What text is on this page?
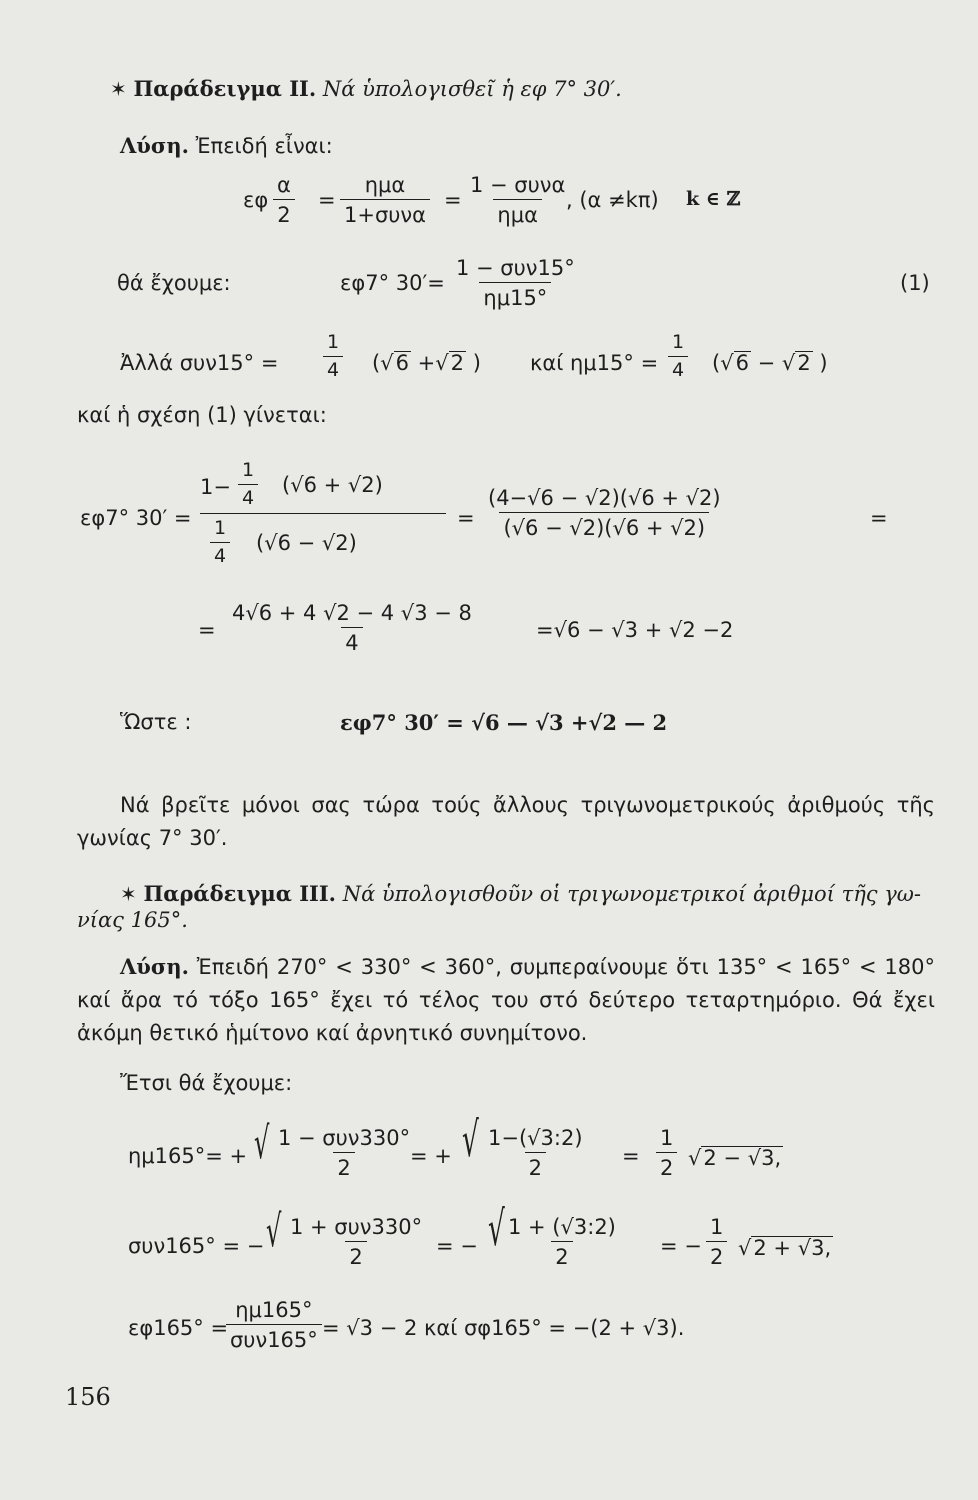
✶ Παράδειγμα II. Νά ὑπολογισθεῖ ἡ εφ 7° 30′.
Λύση. Ἐπειδή εἶναι:
εφ $\frac{\alpha}{2}$ =
ημα
1+συνα
=
1 − συνα
ημα
, (α ≠kπ) k ∈ ℤ
θά ἔχουμε:	εφ7° 30′=
1 − συν15°
ημ15°
(1)
Ἀλλά $\sigma\upsilon\nu 15^\circ = \frac{1}{4} (√6 +√2$ ) καί $\eta\mu 15^\circ = \frac{1}{4} (√6 - √2$ )
καί ἡ σχέση (1) γίνεται:
εφ7° 30′ =
$1- \frac{1}{4} (√6 + √2)$
$\frac{1}{4} (√6 - √2)$
= $\frac{(4-√6 - √2)(√6 + √2)}{(√6 - √2)(√6 + √2)}$	=
= $\frac{4√6 + 4 √2 - 4 √3 - 8}{4}$	=√6 − √3 + √2 −2
Ὥστε :	εφ7° 30′ = √6 — √3 +√2 — 2
Νά βρεῖτε μόνοι σας τώρα τούς ἄλλους τριγωνομετρικούς ἀριθμούς τῆς γωνίας 7° 30′.
✶ Παράδειγμα III. Νά ὑπολογισθοῦν οἱ τριγωνομετρικοί ἀριθμοί τῆς γω-
νίας 165°.
Λύση. Ἐπειδή 270° < 330° < 360°, συμπεραίνουμε ὅτι 135° < 165° < 180° καί ἄρα τό τόξο 165° ἔχει τό τέλος του στό δεύτερο τεταρτημόριο. Θά ἔχει ἀκόμη θετικό ἡμίτονο καί ἀρνητικό συνημίτονο.
Ἔτσι θά ἔχουμε:
ημ165°= + √ 1 − συν330°
2
= + √ $\frac{1-(√3:2)}{2} = \frac{1}{2} √2 - √3$,
συν165° = − √ 1 + συν330°
2	= − √ $\frac{1 + (√3:2)}{2}$ = − $\frac{1}{2} √2 + √3$,
εφ165° =
ημ165°
συν165°
= √3 − 2 καί σφ165° = −(2 + √3).
156
